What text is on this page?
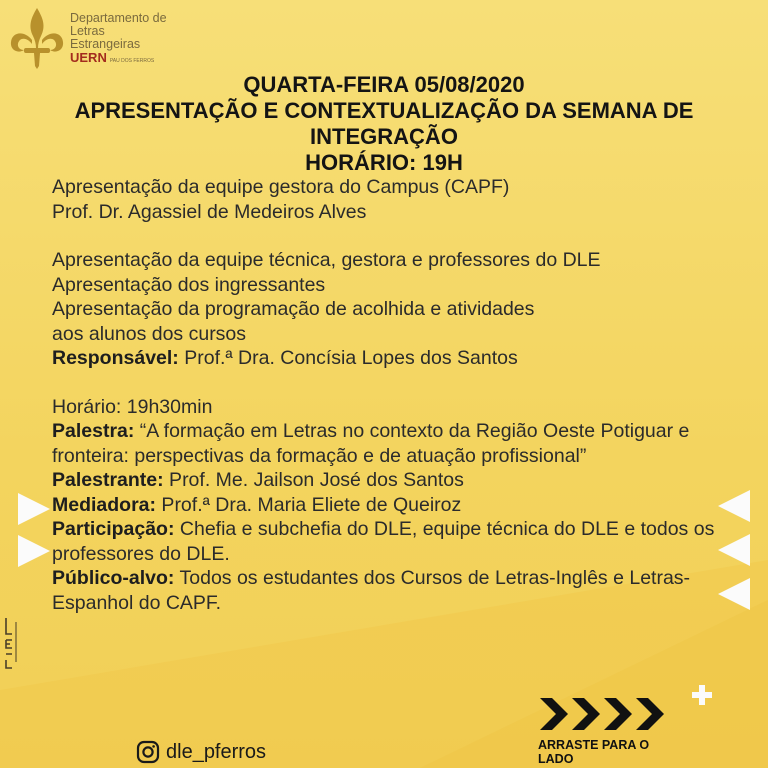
Departamento de
Letras
Estrangeiras
UERN PAU DOS FERROS
QUARTA-FEIRA 05/08/2020
APRESENTAÇÃO E CONTEXTUALIZAÇÃO DA SEMANA DE INTEGRAÇÃO
HORÁRIO: 19H

Apresentação da equipe gestora do Campus (CAPF)

Prof. Dr. Agassiel de Medeiros Alves

Apresentação da equipe técnica, gestora e professores do DLE

Apresentação dos ingressantes

Apresentação da programação de acolhida e atividades

aos alunos dos cursos

Responsável: Prof.ª Dra. Concísia Lopes dos Santos

Horário: 19h30min

Palestra: “A formação em Letras no contexto da Região Oeste Potiguar e fronteira: perspectivas da formação e de atuação profissional”

Palestrante: Prof. Me. Jailson José dos Santos

Mediadora: Prof.ª Dra. Maria Eliete de Queiroz

Participação: Chefia e subchefia do DLE, equipe técnica do DLE e todos os professores do DLE.

Público-alvo: Todos os estudantes dos Cursos de Letras-Inglês e Letras-Espanhol do CAPF.

dle_pferros	ARRASTE PARA O LADO
